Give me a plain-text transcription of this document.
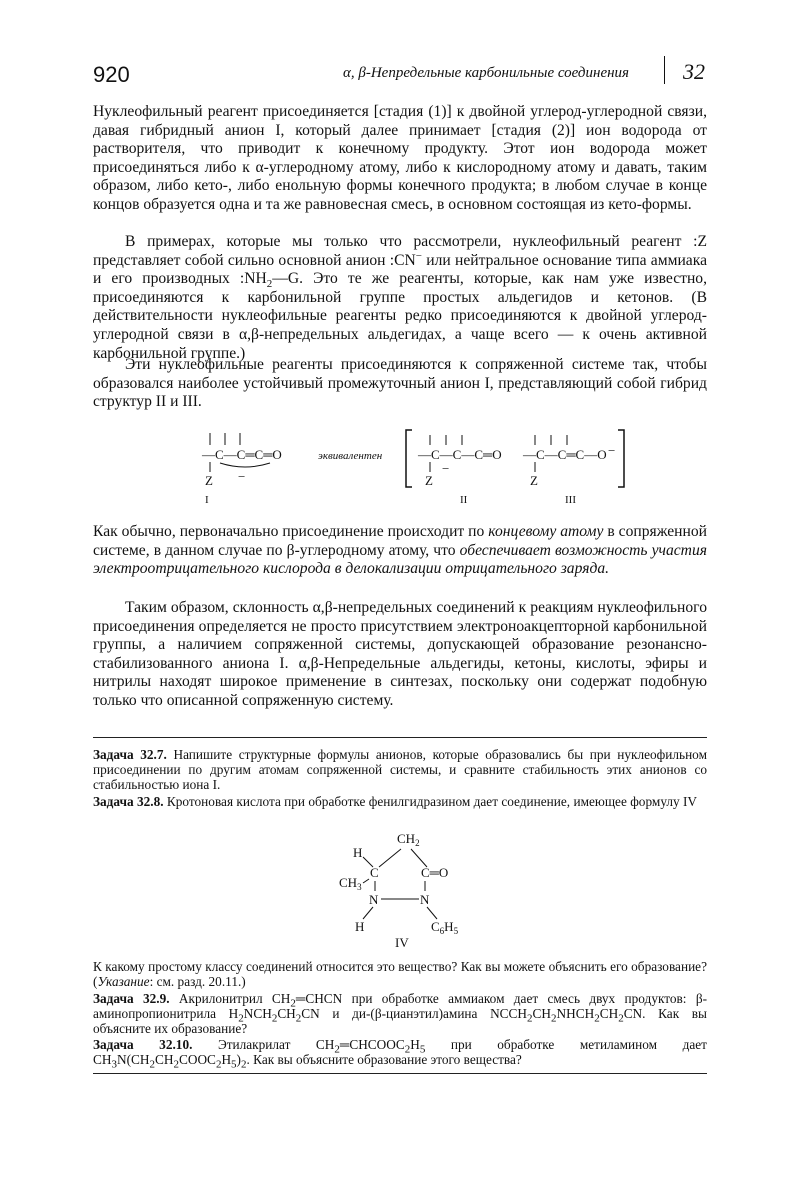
920	α, β-Непредельные карбонильные соединения 32

Нуклеофильный реагент присоединяется [стадия (1)] к двойной углерод-углеродной связи, давая гибридный анион I, который далее принимает [стадия (2)] ион водорода от растворителя, что приводит к конечному продукту. Этот ион водорода может присоединяться либо к α-углеродному атому, либо к кислородному атому и давать, таким образом, либо кето-, либо енольную формы конечного продукта; в любом случае в конце концов образуется одна и та же равновесная смесь, в основном состоящая из кето-формы.

В примерах, которые мы только что рассмотрели, нуклеофильный реагент :Z представляет собой сильно основной анион :CN− или нейтральное основание типа аммиака и его производных $:NH_2—G$. Это те же реагенты, которые, как нам уже известно, присоединяются к карбонильной группе простых альдегидов и кетонов. (В действительности нуклеофильные реагенты редко присоединяются к двойной углерод-углеродной связи в α,β-непредельных альдегидах, а чаще всего — к очень активной карбонильной группе.)

Эти нуклеофильные реагенты присоединяются к сопряженной системе так, чтобы образовался наиболее устойчивый промежуточный анион I, представляющий собой гибрид структур II и III.

—C—C═C═O
Z −
I
эквивалентен	—C—C—C═O
Z
−
II
—C—C═C—O −
Z
III

Как обычно, первоначально присоединение происходит по концевому атому в сопряженной системе, в данном случае по β-углеродному атому, что обеспечивает возможность участия электроотрицательного кислорода в делокализации отрицательного заряда.

Таким образом, склонность α,β-непредельных соединений к реакциям нуклеофильного присоединения определяется не просто присутствием электроноакцепторной карбонильной группы, а наличием сопряженной системы, допускающей образование резонансно-стабилизованного аниона I. α,β-Непредельные альдегиды, кетоны, кислоты, эфиры и нитрилы находят широкое применение в синтезах, поскольку они содержат подобную только что описанной сопряженную систему.

Задача 32.7. Напишите структурные формулы анионов, которые образовались бы при нуклеофильном присоединении по другим атомам сопряженной системы, и сравните стабильность этих анионов со стабильностью иона I.

Задача 32.8. Кротоновая кислота при обработке фенилгидразином дает соединение, имеющее формулу IV

$CH_2$
H
C	C═O
$CH_3$
N	N
H	$C_6H_5$
IV

К какому простому классу соединений относится это вещество? Как вы можете объяснить его образование? (Указание: см. разд. 20.11.)

Задача 32.9. Акрилонитрил $CH_2═CHCN$ при обработке аммиаком дает смесь двух продуктов: β-аминопропионитрила $H_2NCH_2CH_2CN$ и ди-(β-цианэтил)амина $NCCH_2CH_2NHCH_2CH_2CN$. Как вы объясните их образование?

Задача 32.10. Этилакрилат $CH_2═CHCOOC_2H_5$ при обработке метиламином дает $CH_3N(CH_2CH_2COOC_2H_5)_2$. Как вы объясните образование этого вещества?
